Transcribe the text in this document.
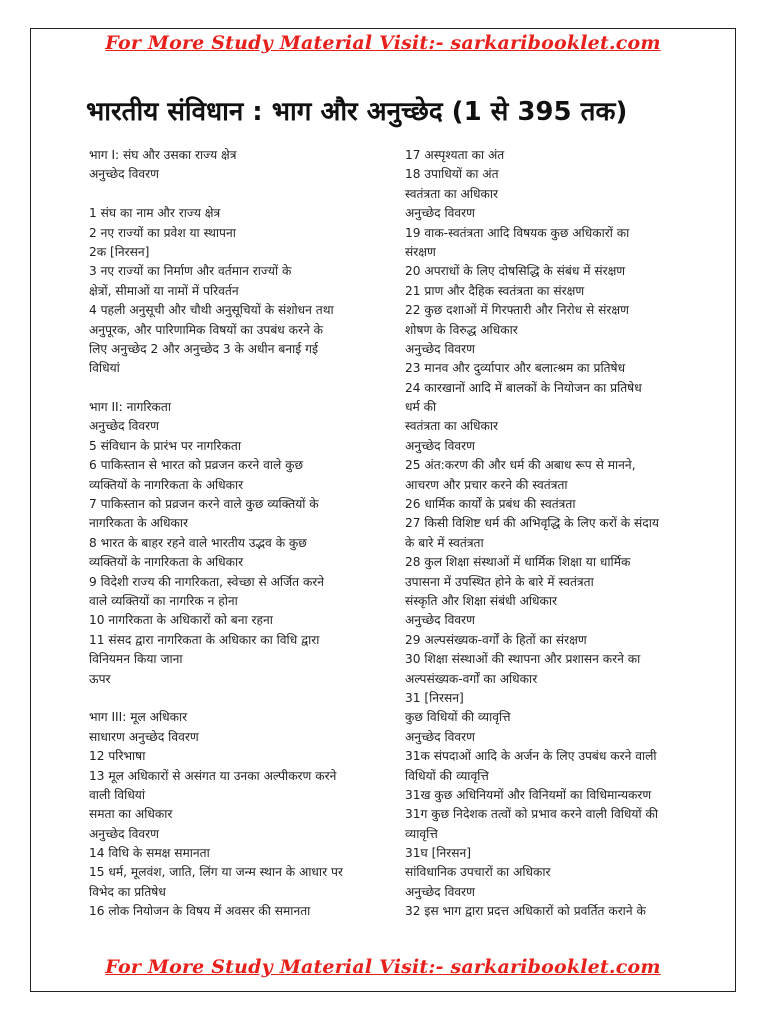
For More Study Material Visit:- sarkaribooklet.com
भारतीय संविधान : भाग और अनुच्छेद (1 से 395 तक)
भाग I: संघ और उसका राज्य क्षेत्र
अनुच्छेद विवरण
1 संघ का नाम और राज्य क्षेत्र
2 नए राज्यों का प्रवेश या स्थापना
2क [निरसन]
3 नए राज्यों का निर्माण और वर्तमान राज्यों के
क्षेत्रों, सीमाओं या नामों में परिवर्तन
4 पहली अनुसूची और चौथी अनुसूचियों के संशोधन तथा
अनुपूरक, और पारिणामिक विषयों का उपबंध करने के
लिए अनुच्छेद 2 और अनुच्छेद 3 के अधीन बनाई गई
विधियां
भाग II: नागरिकता
अनुच्छेद विवरण
5 संविधान के प्रारंभ पर नागरिकता
6 पाकिस्तान से भारत को प्रव्रजन करने वाले कुछ
व्यक्तियों के नागरिकता के अधिकार
7 पाकिस्तान को प्रव्रजन करने वाले कुछ व्यक्तियों के
नागरिकता के अधिकार
8 भारत के बाहर रहने वाले भारतीय उद्भव के कुछ
व्यक्तियों के नागरिकता के अधिकार
9 विदेशी राज्य की नागरिकता, स्वेच्छा से अर्जित करने
वाले व्यक्तियों का नागरिक न होना
10 नागरिकता के अधिकारों को बना रहना
11 संसद द्वारा नागरिकता के अधिकार का विधि द्वारा
विनियमन किया जाना
ऊपर
भाग III: मूल अधिकार
साधारण अनुच्छेद विवरण
12 परिभाषा
13 मूल अधिकारों से असंगत या उनका अल्पीकरण करने
वाली विधियां
समता का अधिकार
अनुच्छेद विवरण
14 विधि के समक्ष समानता
15 धर्म, मूलवंश, जाति, लिंग या जन्म स्थान के आधार पर
विभेद का प्रतिषेध
16 लोक नियोजन के विषय में अवसर की समानता
17 अस्पृश्यता का अंत
18 उपाधियों का अंत
स्वतंत्रता का अधिकार
अनुच्छेद विवरण
19 वाक-स्वतंत्रता आदि विषयक कुछ अधिकारों का
संरक्षण
20 अपराधों के लिए दोषसिद्धि के संबंध में संरक्षण
21 प्राण और दैहिक स्वतंत्रता का संरक्षण
22 कुछ दशाओं में गिरफ्तारी और निरोध से संरक्षण
शोषण के विरुद्ध अधिकार
अनुच्छेद विवरण
23 मानव और दुर्व्यापार और बलात्श्रम का प्रतिषेध
24 कारखानों आदि में बालकों के नियोजन का प्रतिषेध
धर्म की
स्वतंत्रता का अधिकार
अनुच्छेद विवरण
25 अंत:करण की और धर्म की अबाध रूप से मानने,
आचरण और प्रचार करने की स्वतंत्रता
26 धार्मिक कार्यों के प्रबंध की स्वतंत्रता
27 किसी विशिष्ट धर्म की अभिवृद्धि के लिए करों के संदाय
के बारे में स्वतंत्रता
28 कुल शिक्षा संस्थाओं में धार्मिक शिक्षा या धार्मिक
उपासना में उपस्थित होने के बारे में स्वतंत्रता
संस्कृति और शिक्षा संबंधी अधिकार
अनुच्छेद विवरण
29 अल्पसंख्यक-वर्गों के हितों का संरक्षण
30 शिक्षा संस्थाओं की स्थापना और प्रशासन करने का
अल्पसंख्यक-वर्गों का अधिकार
31 [निरसन]
कुछ विधियों की व्यावृत्ति
अनुच्छेद विवरण
31क संपदाओं आदि के अर्जन के लिए उपबंध करने वाली
विधियों की व्यावृत्ति
31ख कुछ अधिनियमों और विनियमों का विधिमान्यकरण
31ग कुछ निदेशक तत्वों को प्रभाव करने वाली विधियों की
व्यावृत्ति
31घ [निरसन]
सांविधानिक उपचारों का अधिकार
अनुच्छेद विवरण
32 इस भाग द्वारा प्रदत्त अधिकारों को प्रवर्तित कराने के
For More Study Material Visit:- sarkaribooklet.com
